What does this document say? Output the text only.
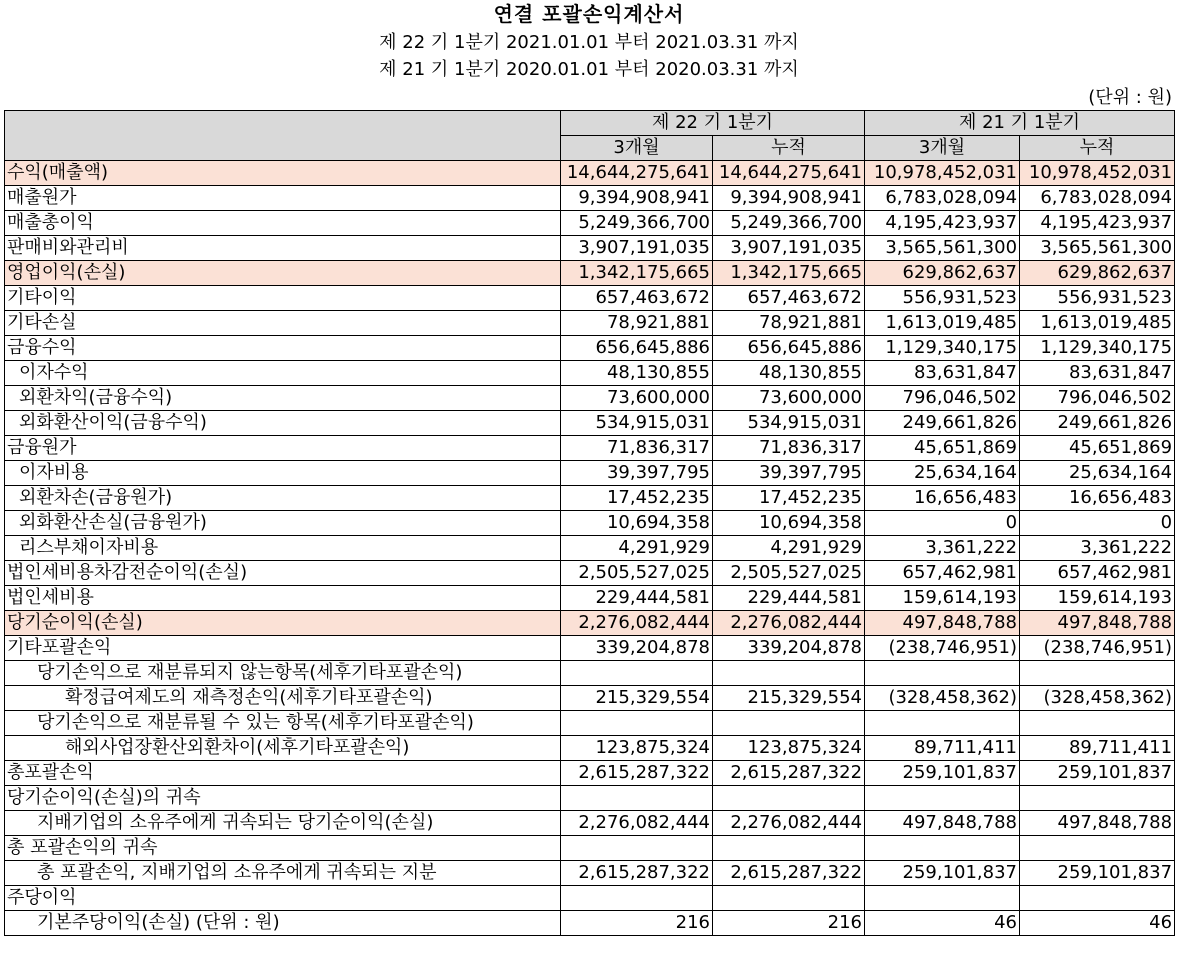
연결 포괄손익계산서
제 22 기 1분기 2021.01.01 부터 2021.03.31 까지
제 21 기 1분기 2020.01.01 부터 2020.03.31 까지
(단위 : 원)
	제 22 기 1분기		제 21 기 1분기	
	3개월	누적	3개월	누적
수익(매출액)	14,644,275,641	14,644,275,641	10,978,452,031	10,978,452,031
매출원가	9,394,908,941	9,394,908,941	6,783,028,094	6,783,028,094
매출총이익	5,249,366,700	5,249,366,700	4,195,423,937	4,195,423,937
판매비와관리비	3,907,191,035	3,907,191,035	3,565,561,300	3,565,561,300
영업이익(손실)	1,342,175,665	1,342,175,665	629,862,637	629,862,637
기타이익	657,463,672	657,463,672	556,931,523	556,931,523
기타손실	78,921,881	78,921,881	1,613,019,485	1,613,019,485
금융수익	656,645,886	656,645,886	1,129,340,175	1,129,340,175
이자수익	48,130,855	48,130,855	83,631,847	83,631,847
외환차익(금융수익)	73,600,000	73,600,000	796,046,502	796,046,502
외화환산이익(금융수익)	534,915,031	534,915,031	249,661,826	249,661,826
금융원가	71,836,317	71,836,317	45,651,869	45,651,869
이자비용	39,397,795	39,397,795	25,634,164	25,634,164
외환차손(금융원가)	17,452,235	17,452,235	16,656,483	16,656,483
외화환산손실(금융원가)	10,694,358	10,694,358	0	0
리스부채이자비용	4,291,929	4,291,929	3,361,222	3,361,222
법인세비용차감전순이익(손실)	2,505,527,025	2,505,527,025	657,462,981	657,462,981
법인세비용	229,444,581	229,444,581	159,614,193	159,614,193
당기순이익(손실)	2,276,082,444	2,276,082,444	497,848,788	497,848,788
기타포괄손익	339,204,878	339,204,878	(238,746,951)	(238,746,951)
당기손익으로 재분류되지 않는항목(세후기타포괄손익)				
확정급여제도의 재측정손익(세후기타포괄손익)	215,329,554	215,329,554	(328,458,362)	(328,458,362)
당기손익으로 재분류될 수 있는 항목(세후기타포괄손익)				
해외사업장환산외환차이(세후기타포괄손익)	123,875,324	123,875,324	89,711,411	89,711,411
총포괄손익	2,615,287,322	2,615,287,322	259,101,837	259,101,837
당기순이익(손실)의 귀속				
지배기업의 소유주에게 귀속되는 당기순이익(손실)	2,276,082,444	2,276,082,444	497,848,788	497,848,788
총 포괄손익의 귀속				
총 포괄손익, 지배기업의 소유주에게 귀속되는 지분	2,615,287,322	2,615,287,322	259,101,837	259,101,837
주당이익				
기본주당이익(손실) (단위 : 원)	216	216	46	46
